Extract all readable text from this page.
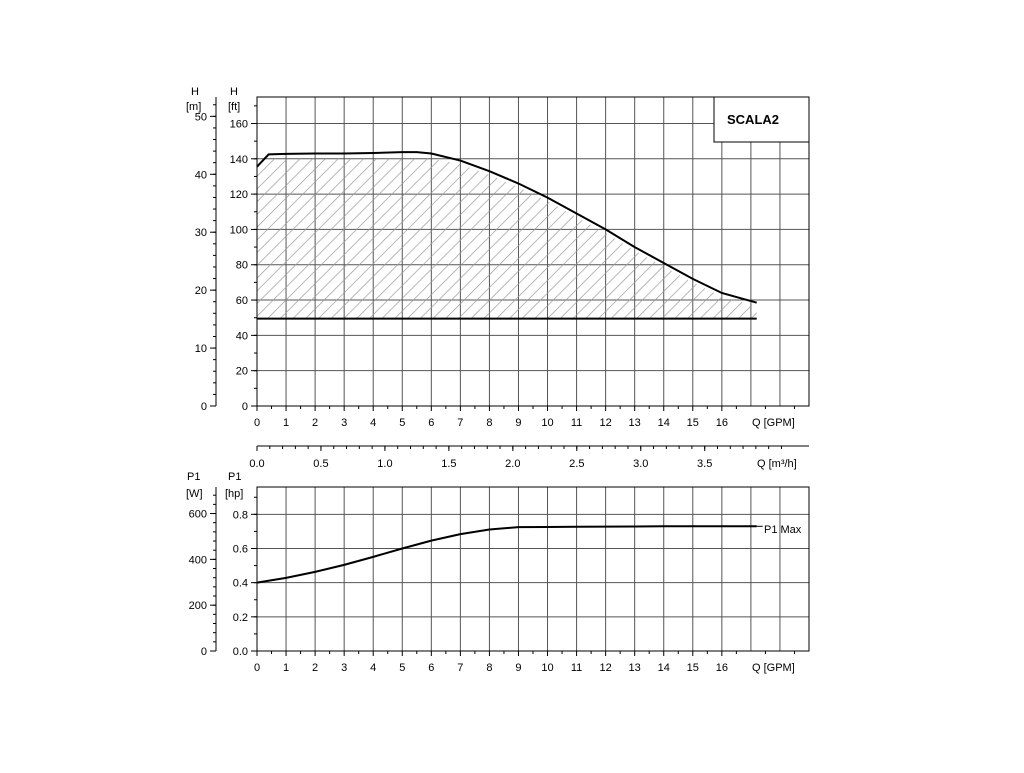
0
10
20
30
40
50
0
20
40
60
80
100
120
140
160
0 1 2 3 4 5 6 7 8 9 10 11 12 13 14 15 16
SCALA2
H
[m]
H
[ft]
Q [GPM]
Q [m³/h]
0.0	0.5	1.0	1.5	2.0	2.5	3.0	3.5
0
200
400
600
0.0
0.2
0.4
0.6
0.8
0 1 2 3 4 5 6 7 8 9 10 11 12 13 14 15 16
P1 Max
P1
[W]
P1
[hp]
Q [GPM]
